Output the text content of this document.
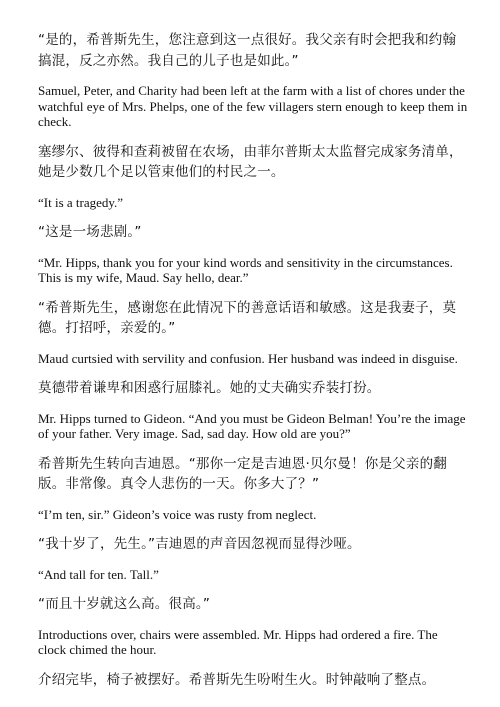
“是的，希普斯先生，您注意到这一点很好。我父亲有时会把我和约翰搞混，反之亦然。我自己的儿子也是如此。”

Samuel, Peter, and Charity had been left at the farm with a list of chores under the watchful eye of Mrs. Phelps, one of the few villagers stern enough to keep them in check.

塞缪尔、彼得和查莉被留在农场，由菲尔普斯太太监督完成家务清单，她是少数几个足以管束他们的村民之一。

“It is a tragedy.”

“这是一场悲剧。”

“Mr. Hipps, thank you for your kind words and sensitivity in the circumstances. This is my wife, Maud. Say hello, dear.”

“希普斯先生，感谢您在此情况下的善意话语和敏感。这是我妻子，莫德。打招呼，亲爱的。”

Maud curtsied with servility and confusion. Her husband was indeed in disguise.

莫德带着谦卑和困惑行屈膝礼。她的丈夫确实乔装打扮。

Mr. Hipps turned to Gideon. “And you must be Gideon Belman! You’re the image of your father. Very image. Sad, sad day. How old are you?”

希普斯先生转向吉迪恩。“那你一定是吉迪恩·贝尔曼！你是父亲的翻版。非常像。真令人悲伤的一天。你多大了？”

“I’m ten, sir.” Gideon’s voice was rusty from neglect.

“我十岁了，先生。”吉迪恩的声音因忽视而显得沙哑。

“And tall for ten. Tall.”

“而且十岁就这么高。很高。”

Introductions over, chairs were assembled. Mr. Hipps had ordered a fire. The clock chimed the hour.

介绍完毕，椅子被摆好。希普斯先生吩咐生火。时钟敲响了整点。
